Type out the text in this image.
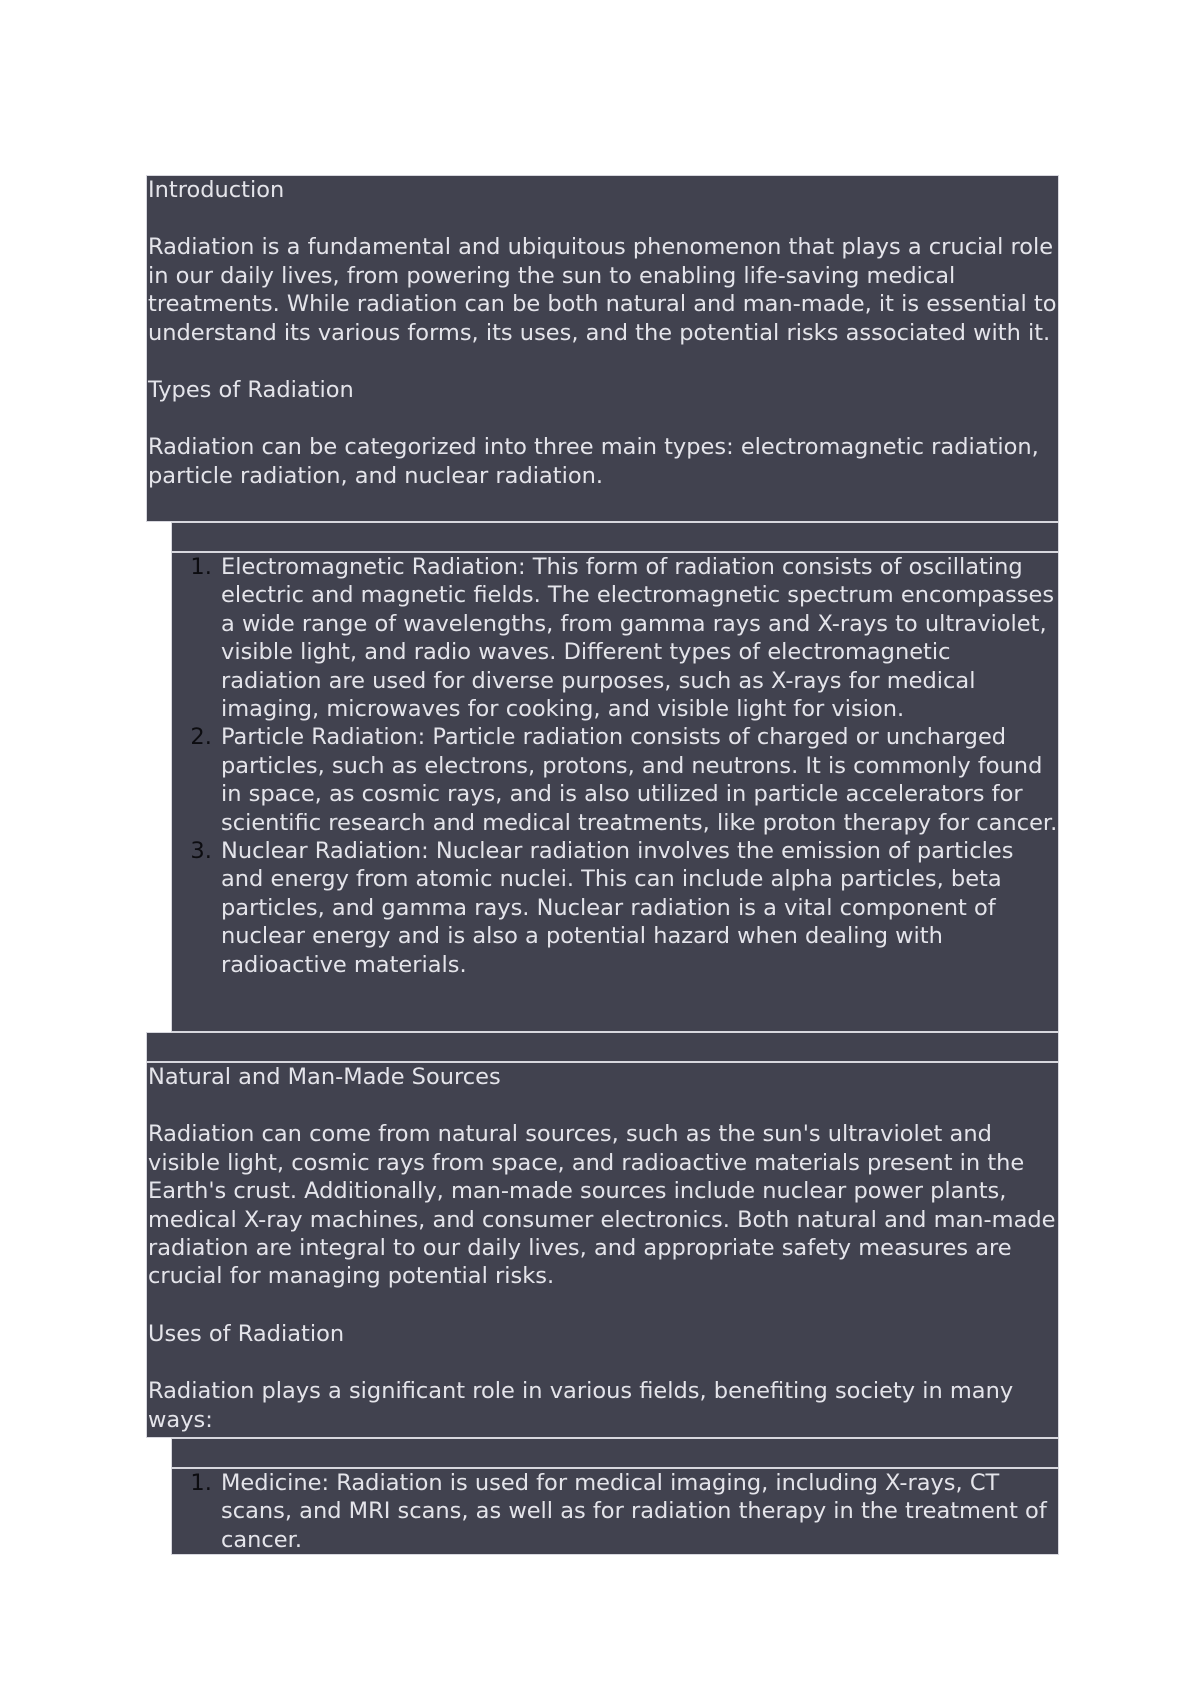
Introduction

Radiation is a fundamental and ubiquitous phenomenon that plays a crucial role in our daily lives, from powering the sun to enabling life-saving medical treatments. While radiation can be both natural and man-made, it is essential to understand its various forms, its uses, and the potential risks associated with it.

Types of Radiation

Radiation can be categorized into three main types: electromagnetic radiation, particle radiation, and nuclear radiation.

1. Electromagnetic Radiation: This form of radiation consists of oscillating electric and magnetic fields. The electromagnetic spectrum encompasses a wide range of wavelengths, from gamma rays and X-rays to ultraviolet, visible light, and radio waves. Different types of electromagnetic radiation are used for diverse purposes, such as X-rays for medical imaging, microwaves for cooking, and visible light for vision.
2. Particle Radiation: Particle radiation consists of charged or uncharged particles, such as electrons, protons, and neutrons. It is commonly found in space, as cosmic rays, and is also utilized in particle accelerators for scientific research and medical treatments, like proton therapy for cancer.
3. Nuclear Radiation: Nuclear radiation involves the emission of particles and energy from atomic nuclei. This can include alpha particles, beta particles, and gamma rays. Nuclear radiation is a vital component of nuclear energy and is also a potential hazard when dealing with radioactive materials.

Natural and Man-Made Sources

Radiation can come from natural sources, such as the sun's ultraviolet and visible light, cosmic rays from space, and radioactive materials present in the Earth's crust. Additionally, man-made sources include nuclear power plants, medical X-ray machines, and consumer electronics. Both natural and man-made radiation are integral to our daily lives, and appropriate safety measures are crucial for managing potential risks.

Uses of Radiation

Radiation plays a significant role in various fields, benefiting society in many ways:

1. Medicine: Radiation is used for medical imaging, including X-rays, CT scans, and MRI scans, as well as for radiation therapy in the treatment of cancer.
